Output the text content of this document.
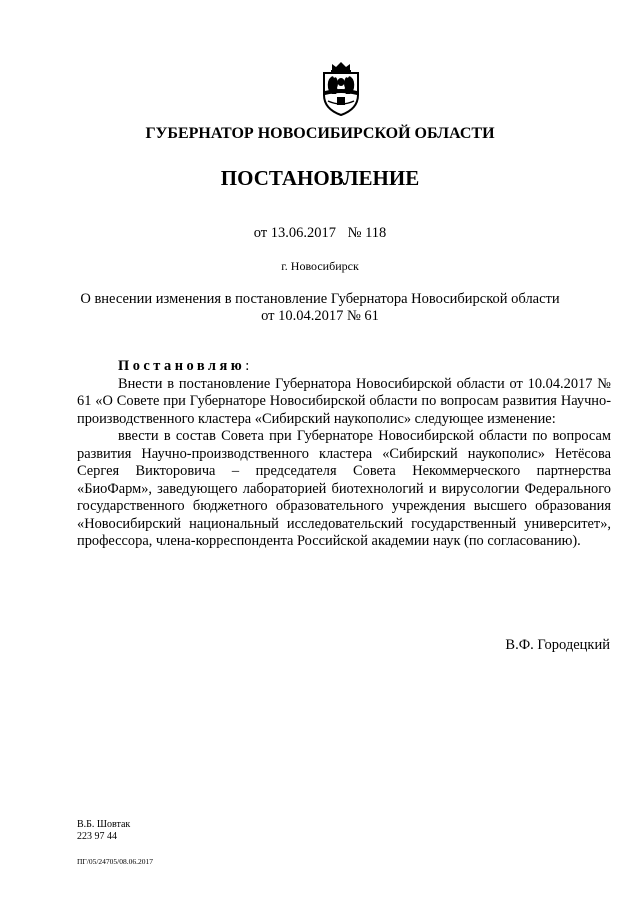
ГУБЕРНАТОР НОВОСИБИРСКОЙ ОБЛАСТИ
ПОСТАНОВЛЕНИЕ
от 13.06.2017 № 118
г. Новосибирск
О внесении изменения в постановление Губернатора Новосибирской области
от 10.04.2017 № 61

Постановляю:

Внести в постановление Губернатора Новосибирской области от 10.04.2017 № 61 «О Совете при Губернаторе Новосибирской области по вопросам развития Научно-производственного кластера «Сибирский наукополис» следующее изменение:

ввести в состав Совета при Губернаторе Новосибирской области по вопросам развития Научно-производственного кластера «Сибирский наукополис» Нетёсова Сергея Викторовича – председателя Совета Некоммерческого партнерства «БиоФарм», заведующего лабораторией биотехнологий и вирусологии Федерального государственного бюджетного образовательного учреждения высшего образования «Новосибирский национальный исследовательский государственный университет», профессора, члена-корреспондента Российской академии наук (по согласованию).

В.Ф. Городецкий
В.Б. Шовтак
223 97 44
ПГ/05/24705/08.06.2017
